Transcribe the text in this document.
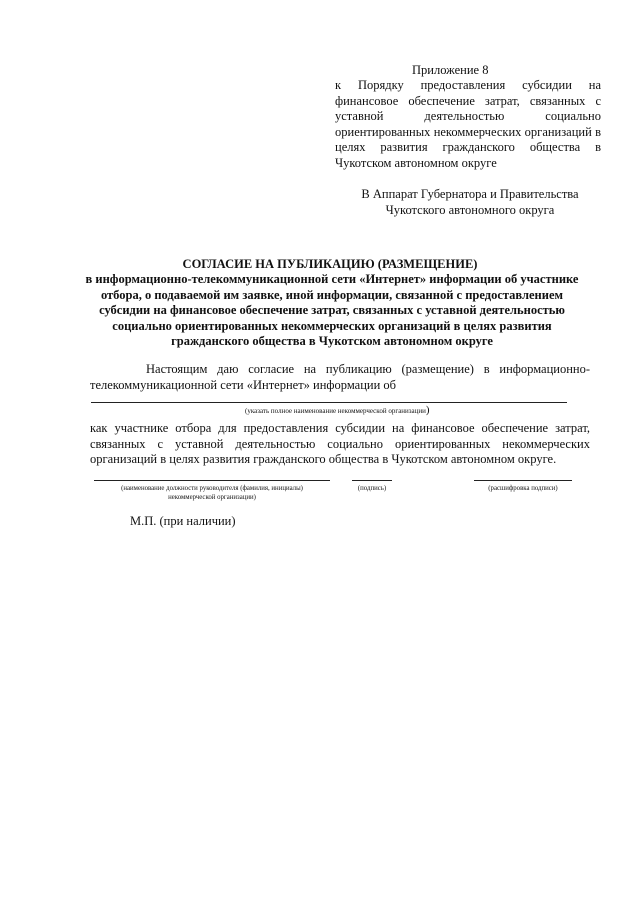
Приложение 8
к Порядку предоставления субсидии на финансовое обеспечение затрат, связанных с уставной деятельностью социально ориентированных некоммерческих организаций в целях развития гражданского общества в Чукотском автономном округе
В Аппарат Губернатора и Правительства
Чукотского автономного округа
СОГЛАСИЕ НА ПУБЛИКАЦИЮ (РАЗМЕЩЕНИЕ)
в информационно-телекоммуникационной сети «Интернет» информации об участнике отбора, о подаваемой им заявке, иной информации, связанной с предоставлением субсидии на финансовое обеспечение затрат, связанных с уставной деятельностью социально ориентированных некоммерческих организаций в целях развития гражданского общества в Чукотском автономном округе
Настоящим даю согласие на публикацию (размещение) в информационно-телекоммуникационной сети «Интернет» информации об
(указать полное наименование некоммерческой организации)
как участнике отбора для предоставления субсидии на финансовое обеспечение затрат, связанных с уставной деятельностью социально ориентированных некоммерческих организаций в целях развития гражданского общества в Чукотском автономном округе.
(наименование должности руководителя (фамилия, инициалы)
некоммерческой организации)
(подпись)	(расшифровка подписи)
М.П. (при наличии)
